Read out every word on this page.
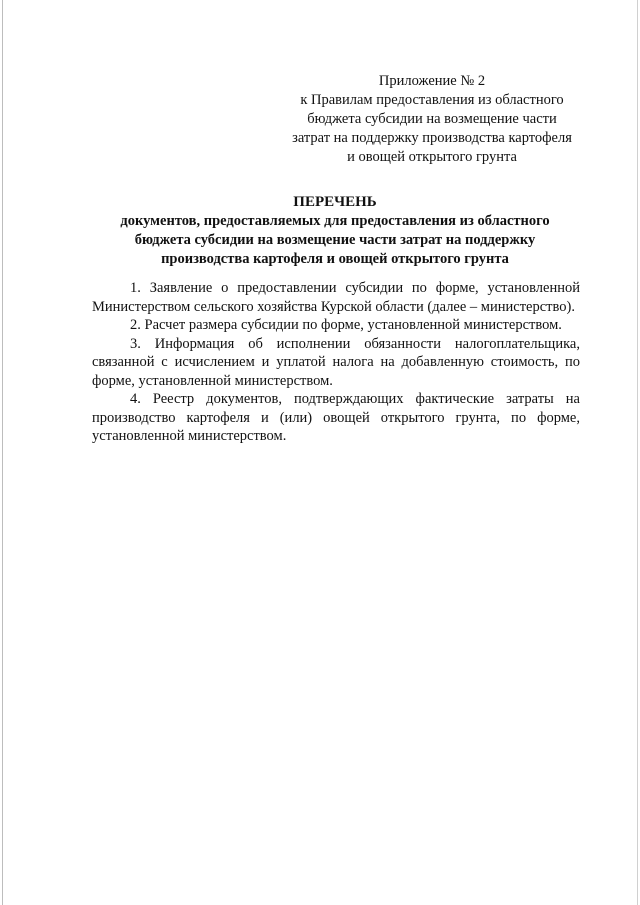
Приложение № 2
к Правилам предоставления из областного
бюджета субсидии на возмещение части
затрат на поддержку производства картофеля
и овощей открытого грунта
ПЕРЕЧЕНЬ
документов, предоставляемых для предоставления из областного
бюджета субсидии на возмещение части затрат на поддержку
производства картофеля и овощей открытого грунта

1. Заявление о предоставлении субсидии по форме, установленной Министерством сельского хозяйства Курской области (далее – министерство).

2. Расчет размера субсидии по форме, установленной министерством.

3. Информация об исполнении обязанности налогоплательщика, связанной с исчислением и уплатой налога на добавленную стоимость, по форме, установленной министерством.

4. Реестр документов, подтверждающих фактические затраты на производство картофеля и (или) овощей открытого грунта, по форме, установленной министерством.
